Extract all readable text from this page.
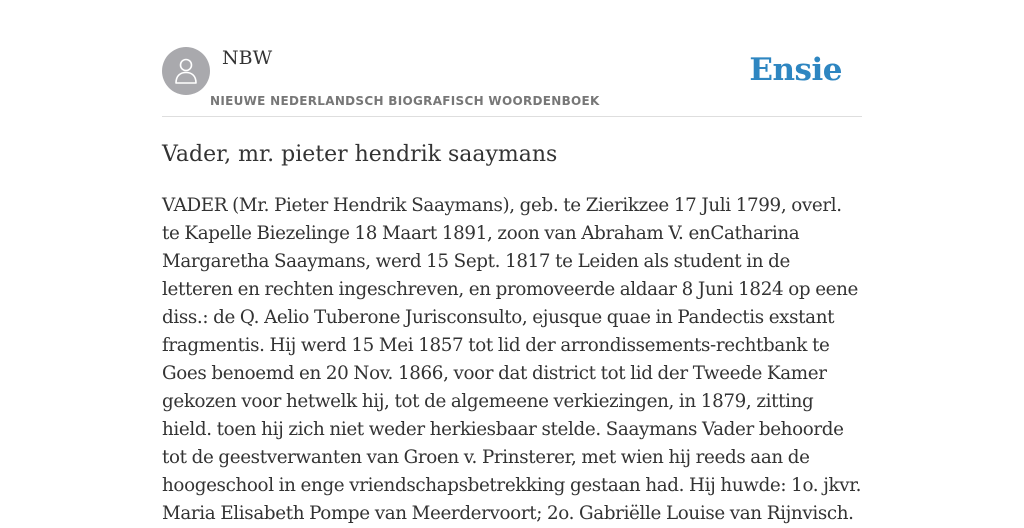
NBW
NIEUWE NEDERLANDSCH BIOGRAFISCH WOORDENBOEK
Ensie
Vader, mr. pieter hendrik saaymans

VADER (Mr. Pieter Hendrik Saaymans), geb. te Zierikzee 17 Juli 1799, overl. te Kapelle Biezelinge 18 Maart 1891, zoon van Abraham V. enCatharina Margaretha Saaymans, werd 15 Sept. 1817 te Leiden als student in de letteren en rechten ingeschreven, en promoveerde aldaar 8 Juni 1824 op eene diss.: de Q. Aelio Tuberone Jurisconsulto, ejusque quae in Pandectis exstant fragmentis. Hij werd 15 Mei 1857 tot lid der arrondissements-rechtbank te Goes benoemd en 20 Nov. 1866, voor dat district tot lid der Tweede Kamer gekozen voor hetwelk hij, tot de algemeene verkiezingen, in 1879, zitting hield. toen hij zich niet weder herkiesbaar stelde. Saaymans Vader behoorde tot de geestverwanten van Groen v. Prinsterer, met wien hij reeds aan de hoogeschool in enge vriendschapsbetrekking gestaan had. Hij huwde: 1o. jkvr. Maria Elisabeth Pompe van Meerdervoort; 2o. Gabriëlle Louise van Rijnvisch.
